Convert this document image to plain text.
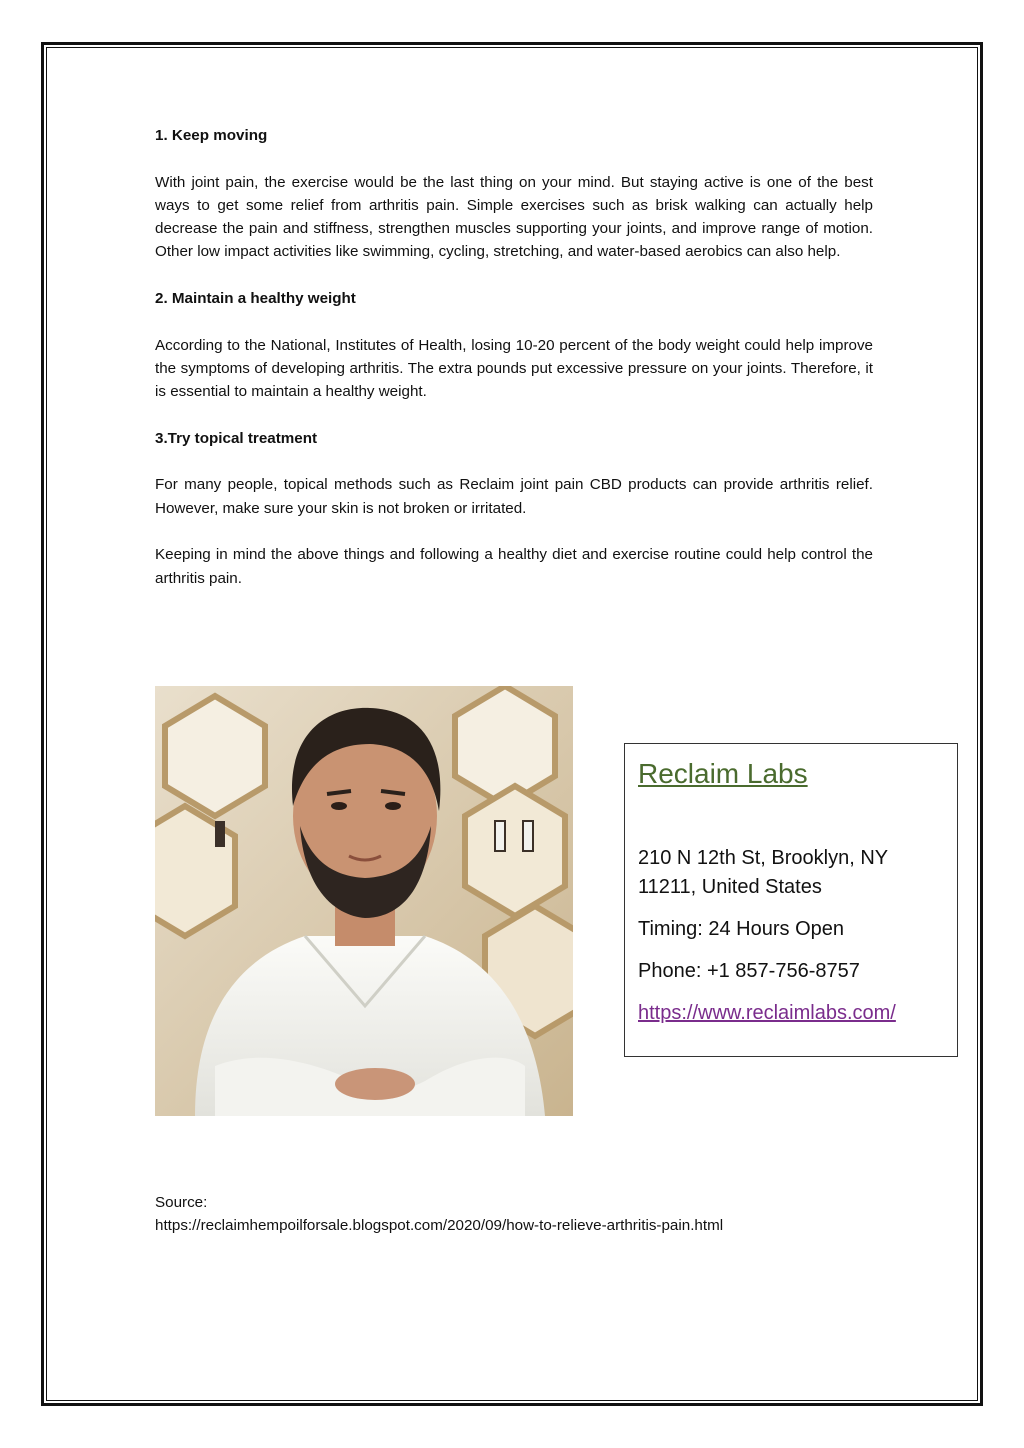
1. Keep moving

With joint pain, the exercise would be the last thing on your mind. But staying active is one of the best ways to get some relief from arthritis pain. Simple exercises such as brisk walking can actually help decrease the pain and stiffness, strengthen muscles supporting your joints, and improve range of motion. Other low impact activities like swimming, cycling, stretching, and water-based aerobics can also help.

2. Maintain a healthy weight

According to the National, Institutes of Health, losing 10-20 percent of the body weight could help improve the symptoms of developing arthritis. The extra pounds put excessive pressure on your joints. Therefore, it is essential to maintain a healthy weight.

3.Try topical treatment

For many people, topical methods such as Reclaim joint pain CBD products can provide arthritis relief. However, make sure your skin is not broken or irritated.

Keeping in mind the above things and following a healthy diet and exercise routine could help control the arthritis pain.

Reclaim Labs

210 N 12th St, Brooklyn, NY 11211, United States

Timing: 24 Hours Open

Phone: +1 857-756-8757

https://www.reclaimlabs.com/
Source:
https://reclaimhempoilforsale.blogspot.com/2020/09/how-to-relieve-arthritis-pain.html
